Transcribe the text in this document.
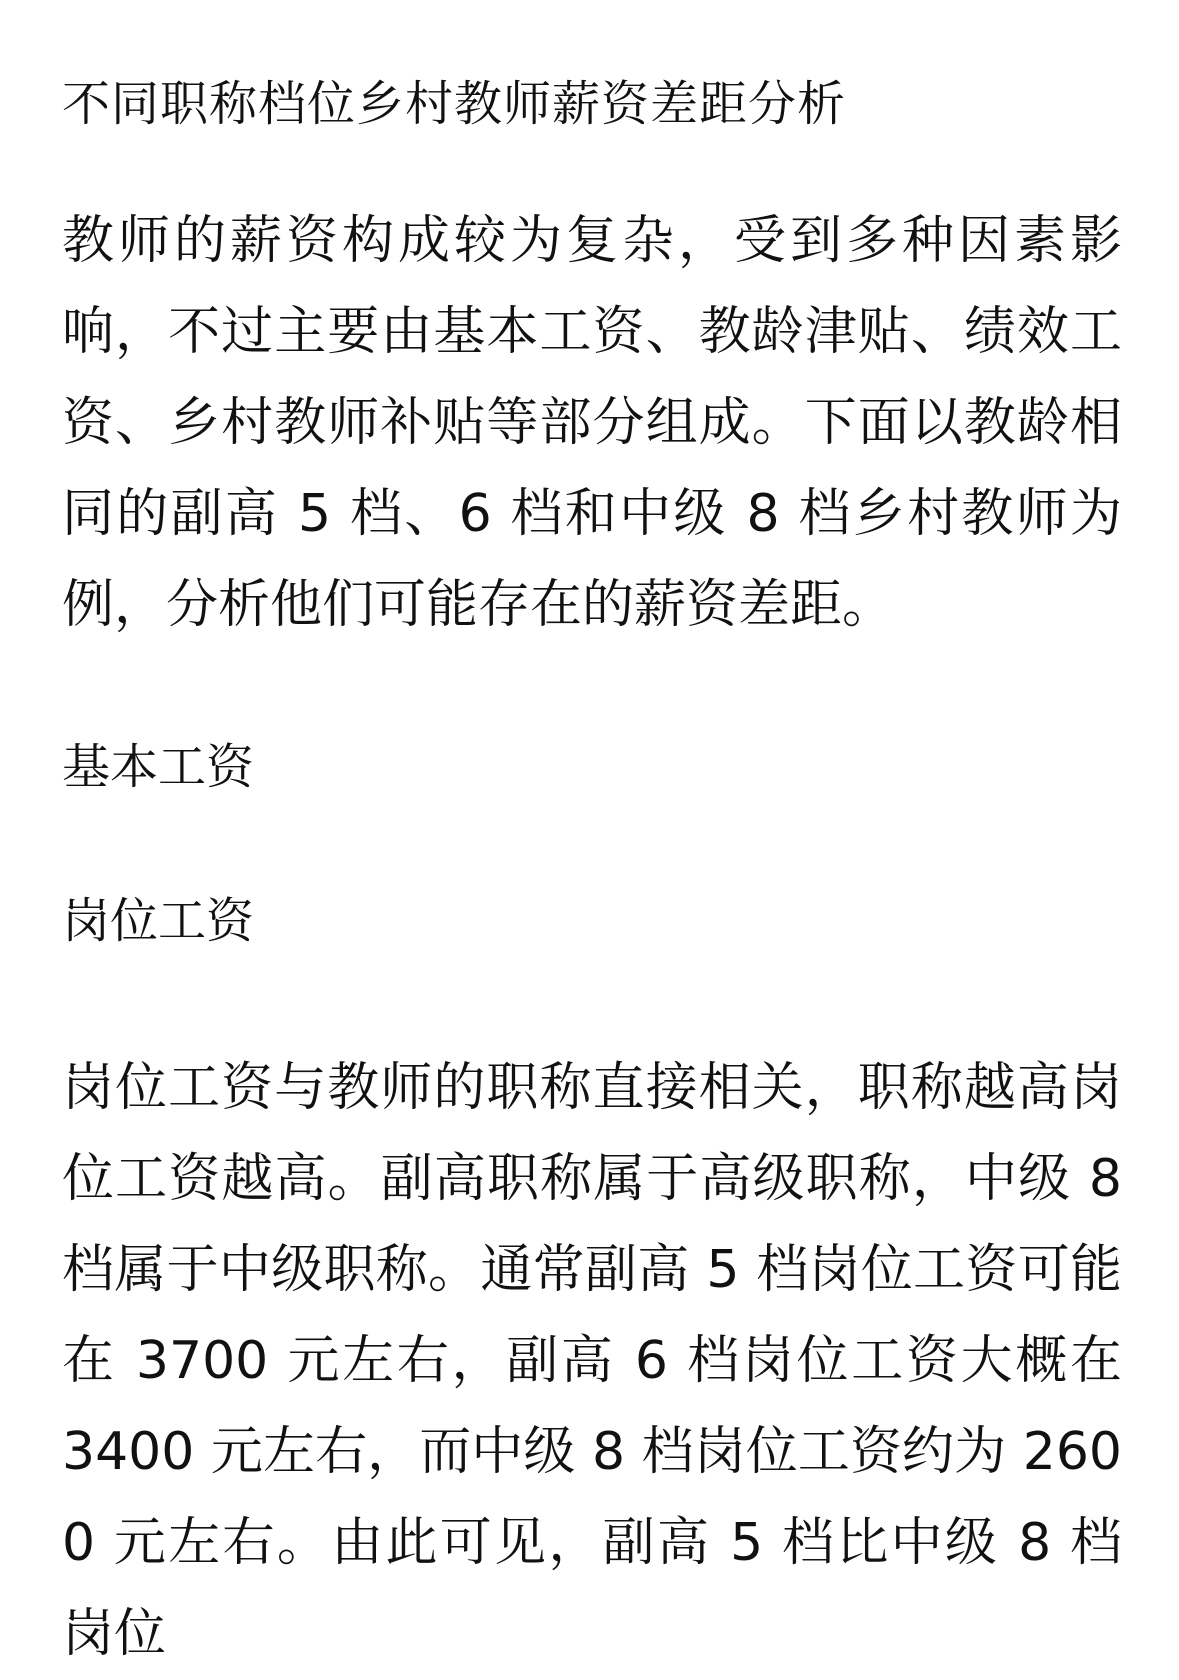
不同职称档位乡村教师薪资差距分析

教师的薪资构成较为复杂，受到多种因素影响，不过主要由基本工资、教龄津贴、绩效工资、乡村教师补贴等部分组成。下面以教龄相同的副高 5 档、6 档和中级 8 档乡村教师为例，分析他们可能存在的薪资差距。

基本工资
岗位工资

岗位工资与教师的职称直接相关，职称越高岗位工资越高。副高职称属于高级职称，中级 8 档属于中级职称。通常副高 5 档岗位工资可能在 3700 元左右，副高 6 档岗位工资大概在 3400 元左右，而中级 8 档岗位工资约为 2600 元左右。由此可见，副高 5 档比中级 8 档岗位
